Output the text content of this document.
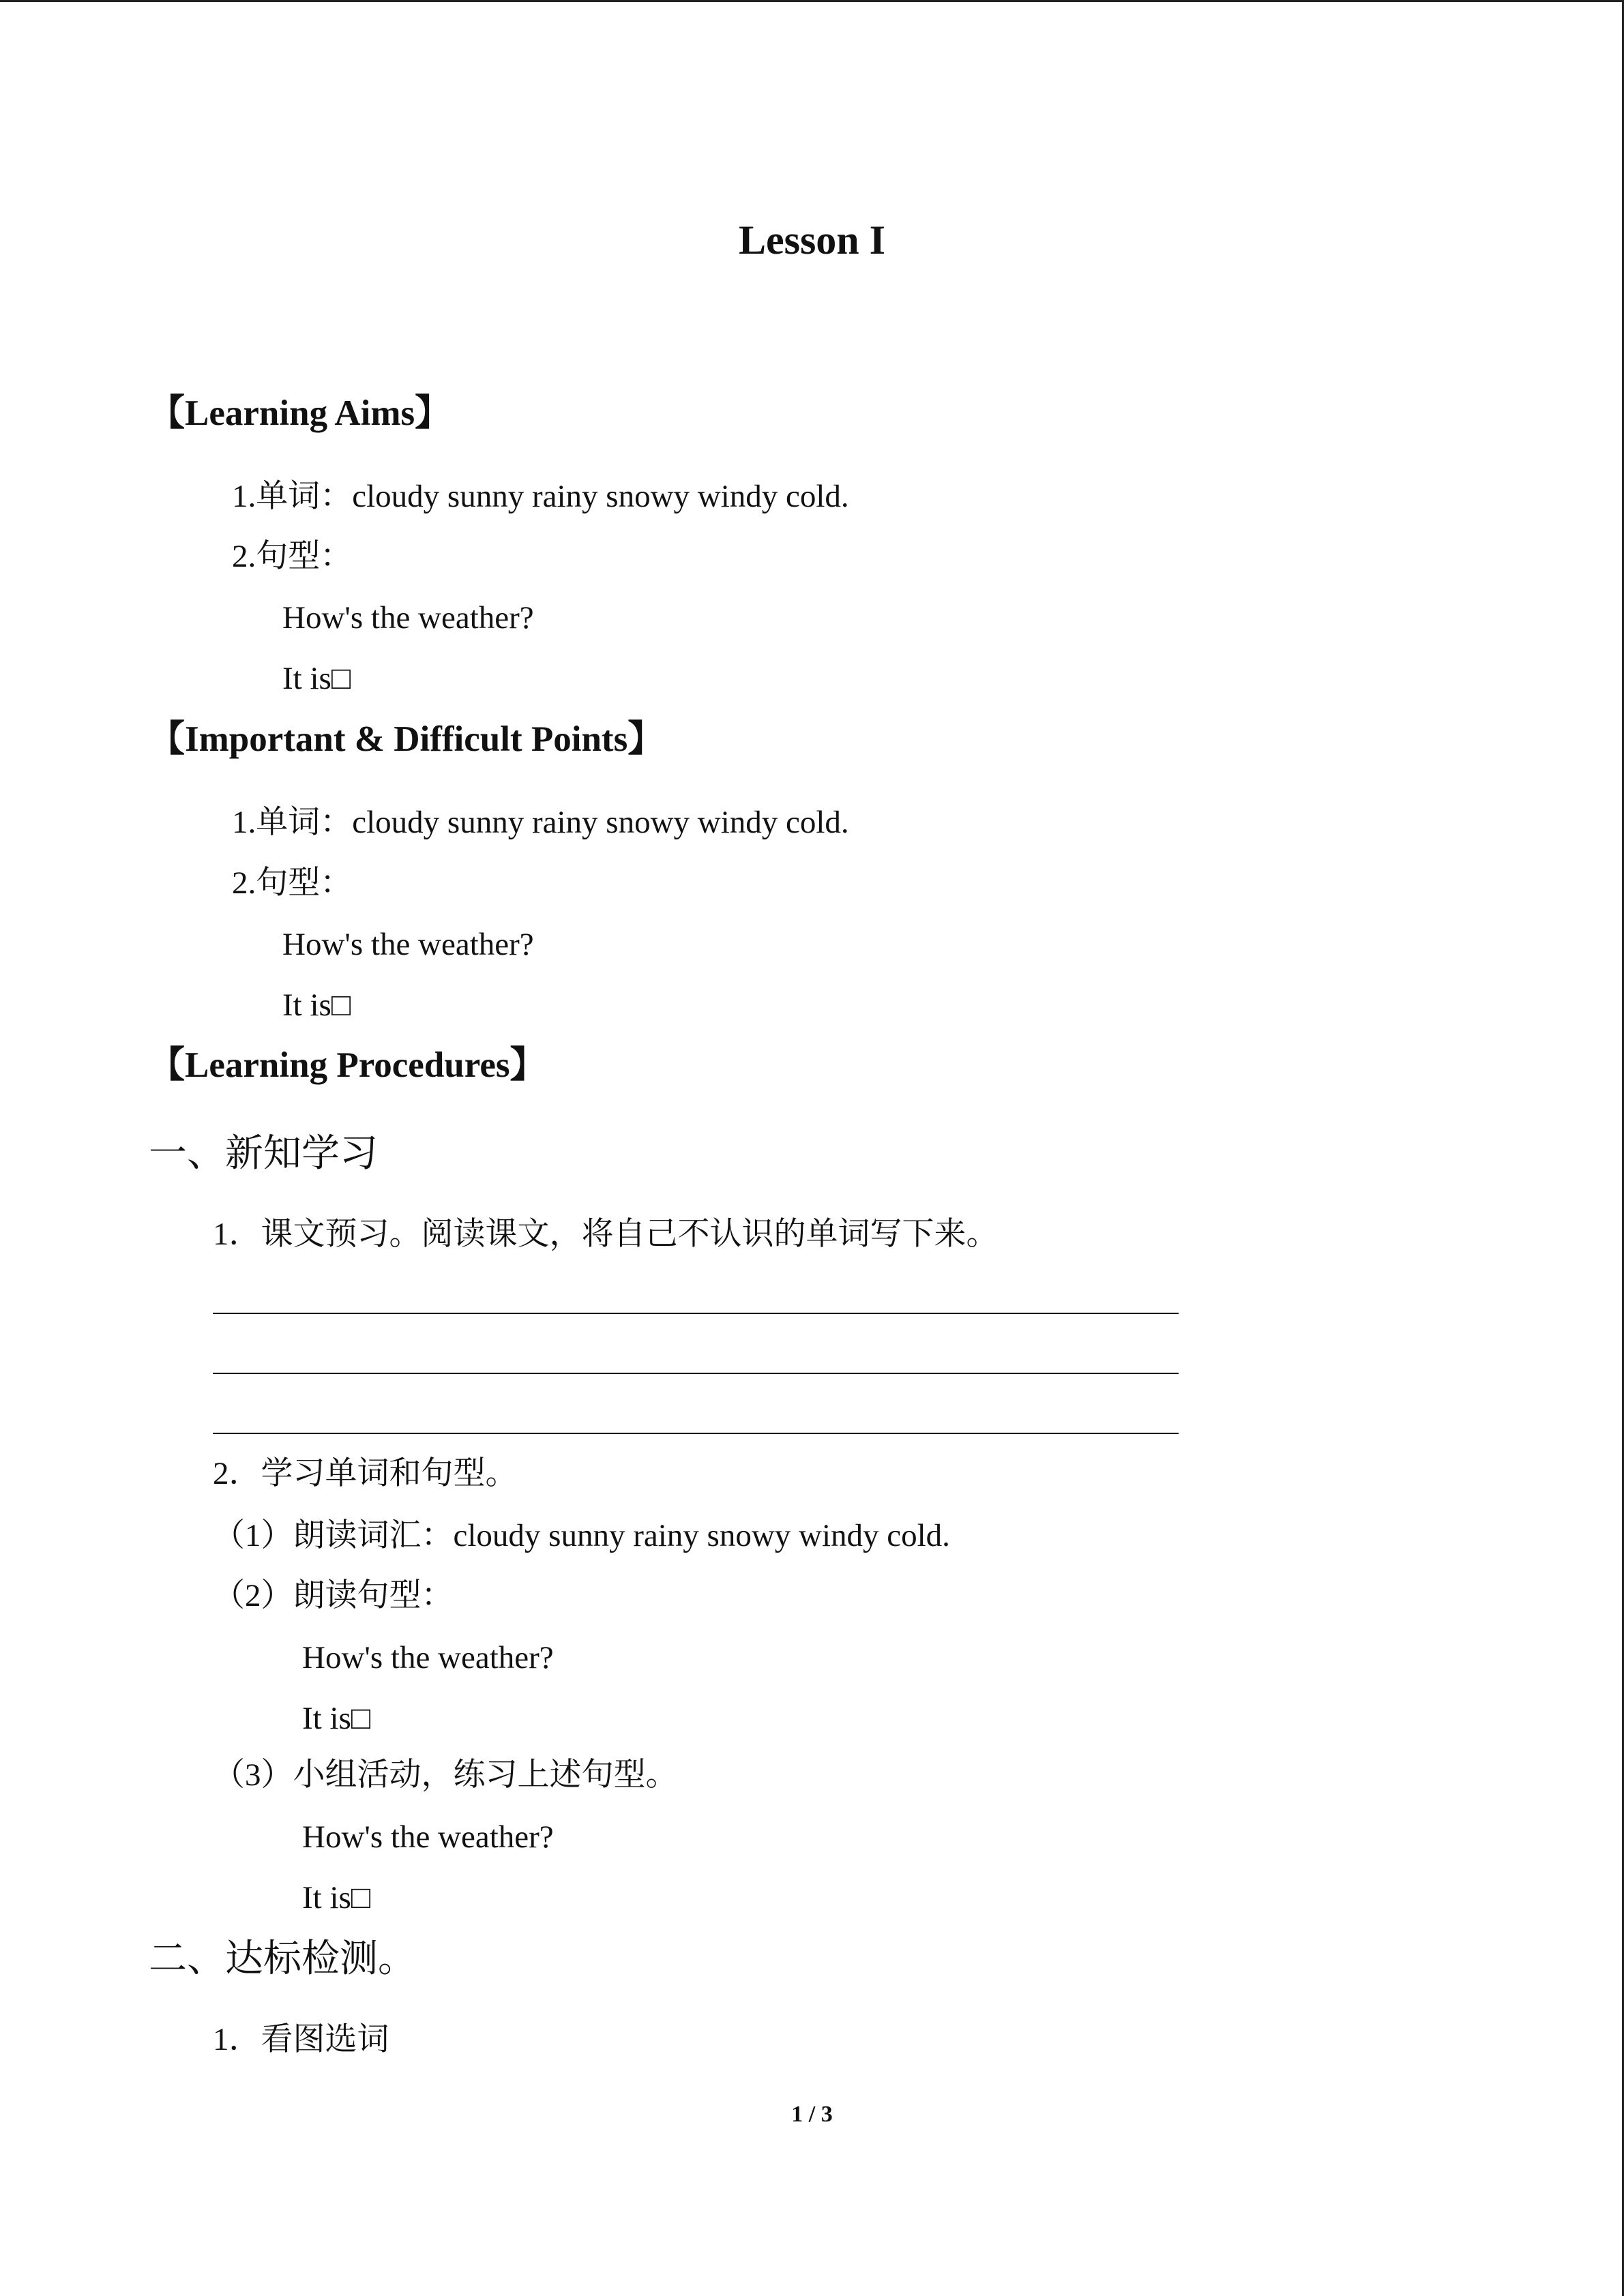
Lesson I
【Learning Aims】
1.单词：cloudy sunny rainy snowy windy cold.
2.句型：
How's the weather?
It is□
【Important & Difficult Points】
1.单词：cloudy sunny rainy snowy windy cold.
2.句型：
How's the weather?
It is□
【Learning Procedures】
一、新知学习
1．课文预习。阅读课文，将自己不认识的单词写下来。
2．学习单词和句型。
（1）朗读词汇：cloudy sunny rainy snowy windy cold.
（2）朗读句型：
How's the weather?
It is□
（3）小组活动，练习上述句型。
How's the weather?
It is□
二、达标检测。
1．看图选词
1 / 3
